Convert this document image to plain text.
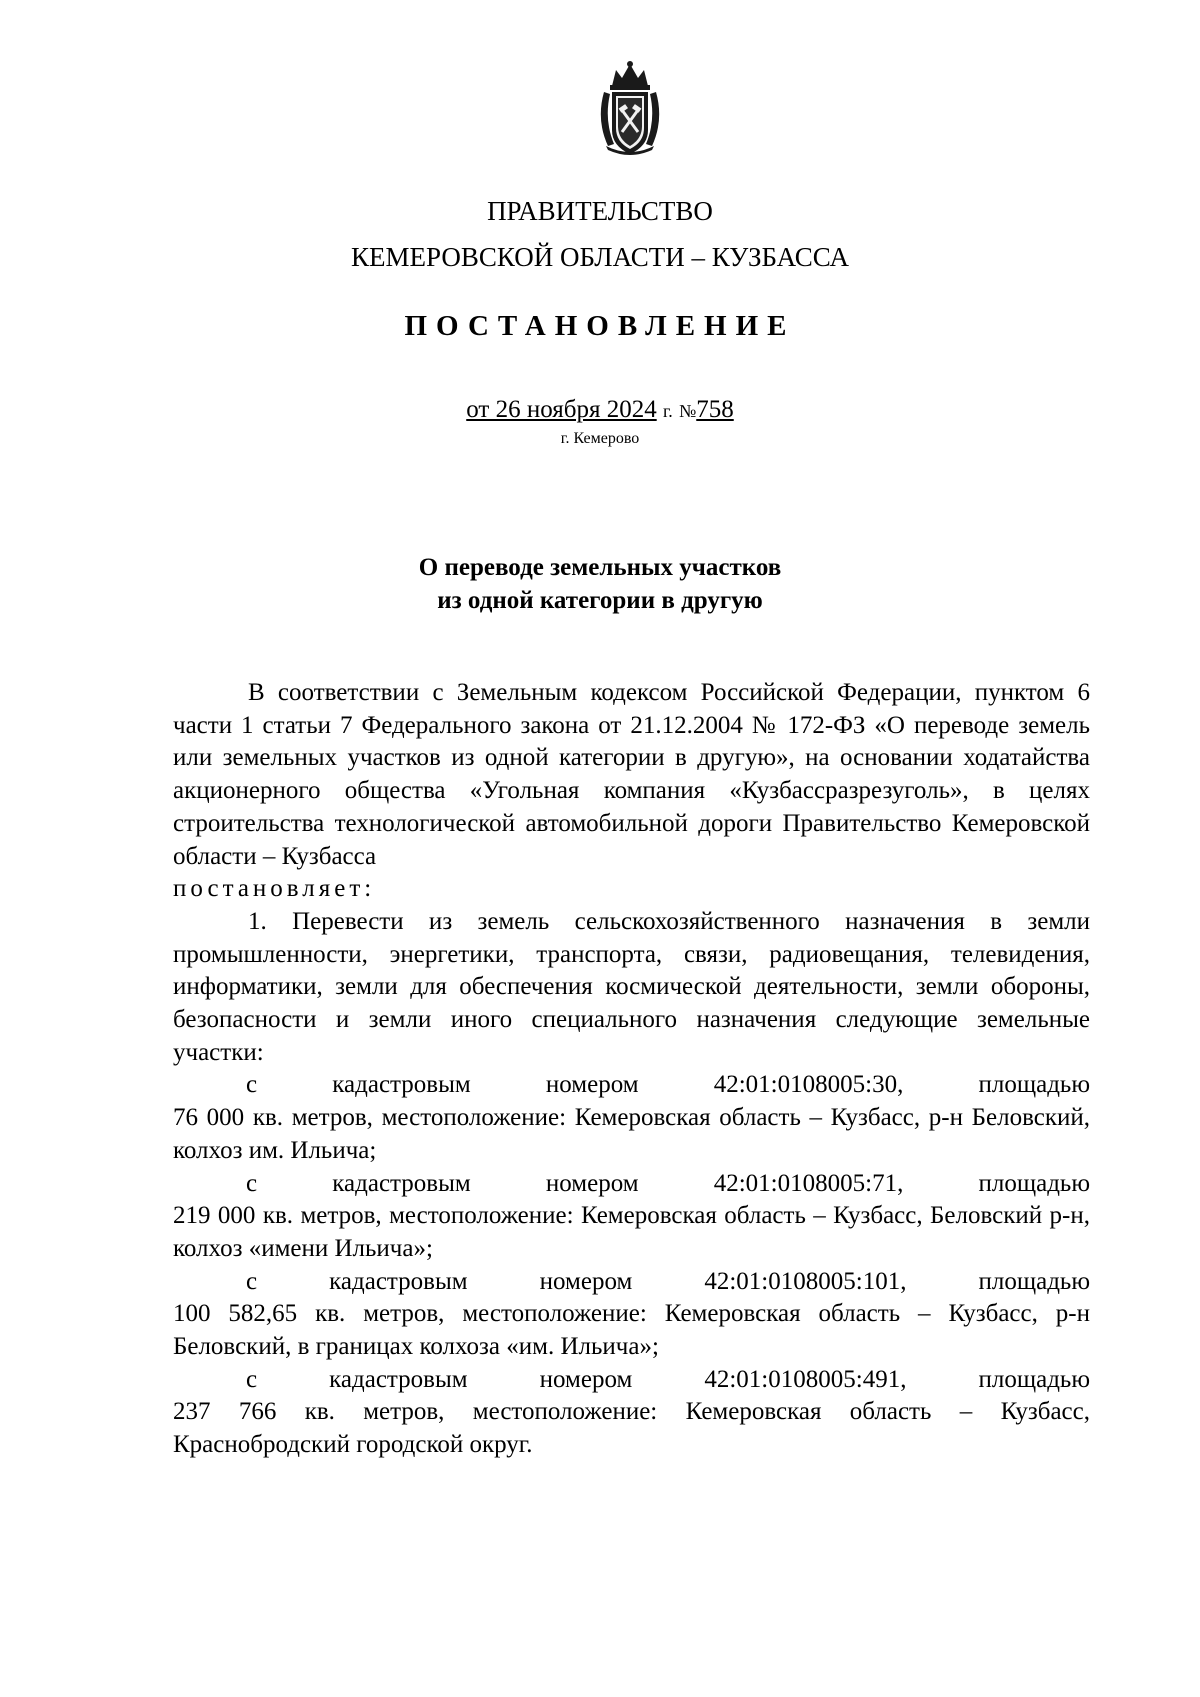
ПРАВИТЕЛЬСТВО
КЕМЕРОВСКОЙ ОБЛАСТИ – КУЗБАССА
ПОСТАНОВЛЕНИЕ
от 26 ноября 2024 г. №758
г. Кемерово
О переводе земельных участков
из одной категории в другую

В соответствии с Земельным кодексом Российской Федерации, пунктом 6 части 1 статьи 7 Федерального закона от 21.12.2004 № 172-ФЗ «О переводе земель или земельных участков из одной категории в другую», на основании ходатайства акционерного общества «Угольная компания «Кузбассразрезуголь», в целях строительства технологической автомобильной дороги Правительство Кемеровской области – Кузбасса

постановляет:

1. Перевести из земель сельскохозяйственного назначения в земли промышленности, энергетики, транспорта, связи, радиовещания, телевидения, информатики, земли для обеспечения космической деятельности, земли обороны, безопасности и земли иного специального назначения следующие земельные участки:

с	кадастровым	номером	42:01:0108005:30,	площадью

76 000 кв. метров, местоположение: Кемеровская область – Кузбасс, р-н Беловский, колхоз им. Ильича;

с	кадастровым	номером	42:01:0108005:71,	площадью

219 000 кв. метров, местоположение: Кемеровская область – Кузбасс, Беловский р-н, колхоз «имени Ильича»;

с	кадастровым	номером	42:01:0108005:101,	площадью

100 582,65 кв. метров, местоположение: Кемеровская область – Кузбасс, р-н Беловский, в границах колхоза «им. Ильича»;

с	кадастровым	номером	42:01:0108005:491,	площадью

237 766 кв. метров, местоположение: Кемеровская область – Кузбасс, Краснобродский городской округ.
